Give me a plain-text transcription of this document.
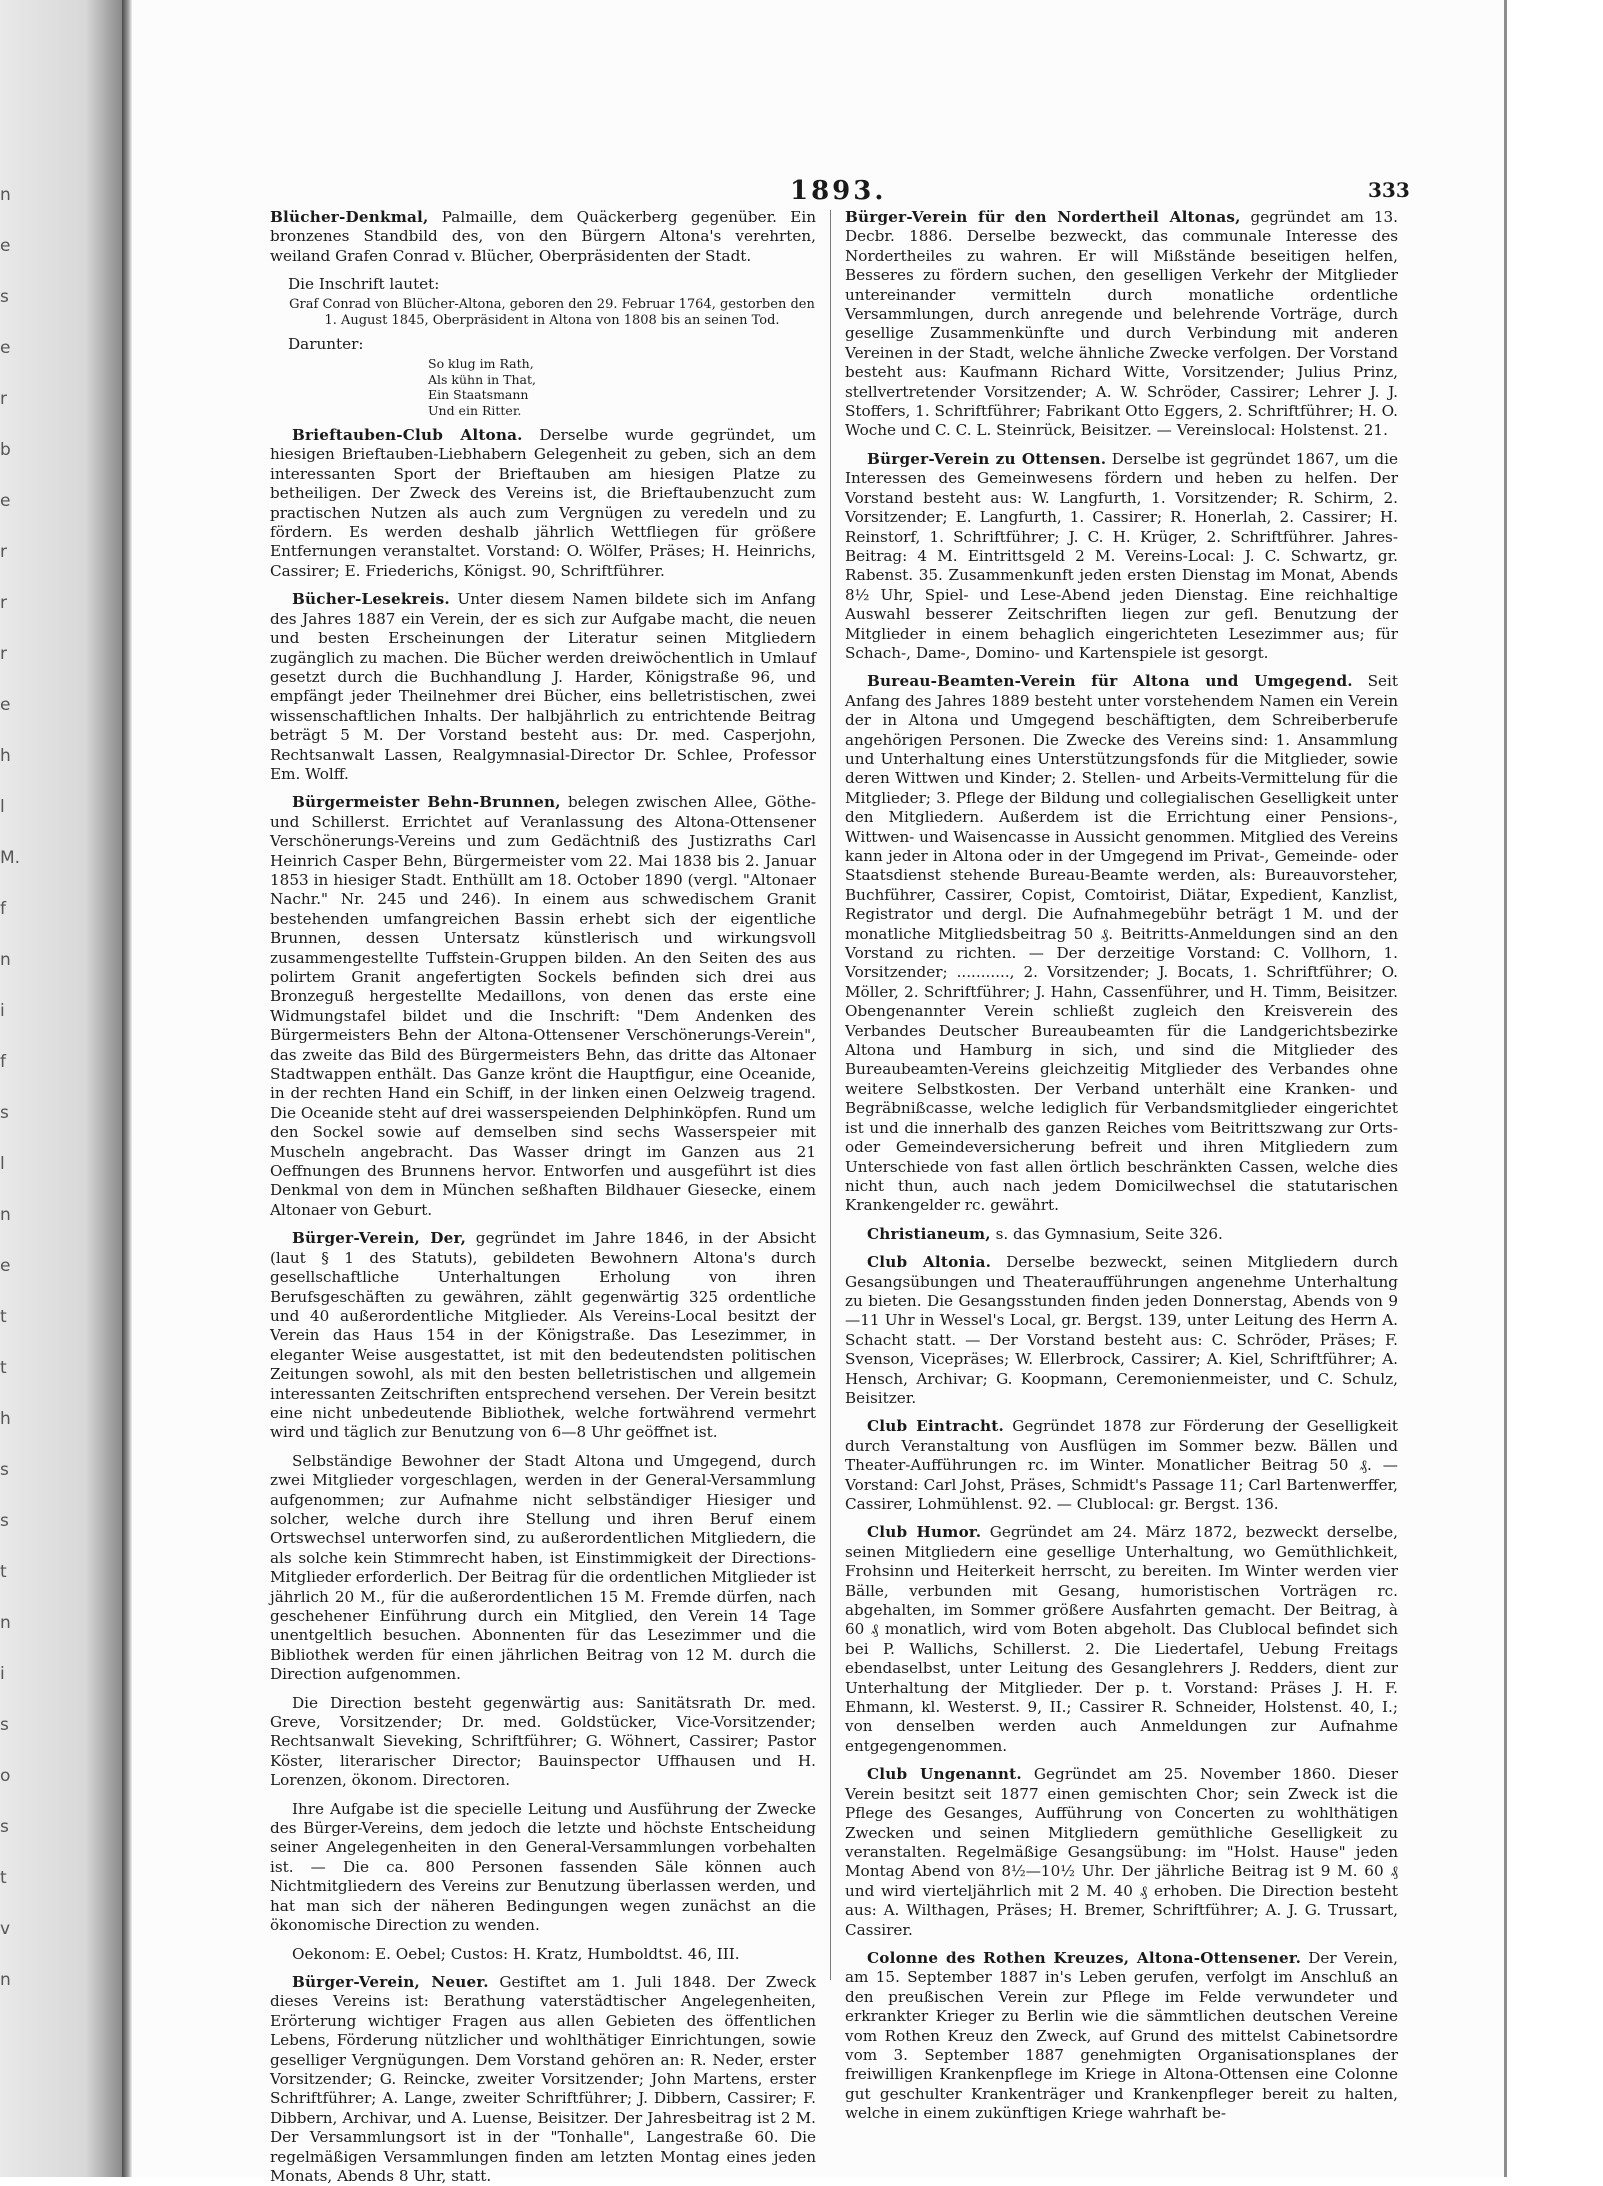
n
e
s
e
r
b
e
r
r
r
e
h
l
M.
f
n
i
f
s
l
n
e
t
t
h
s
s
t
n
i
s
o
s
t
v
n
1893.	333

Blücher-Denkmal, Palmaille, dem Quäckerberg gegenüber. Ein bronzenes Standbild des, von den Bürgern Altona's verehrten, weiland Grafen Conrad v. Blücher, Oberpräsidenten der Stadt.

Die Inschrift lautet:
Graf Conrad von Blücher-Altona, geboren den 29. Februar 1764, gestorben den 1. August 1845, Oberpräsident in Altona von 1808 bis an seinen Tod.
Darunter:
So klug im Rath,
Als kühn in That,
Ein Staatsmann
Und ein Ritter.

Brieftauben-Club Altona. Derselbe wurde gegründet, um hiesigen Brieftauben-Liebhabern Gelegenheit zu geben, sich an dem interessanten Sport der Brieftauben am hiesigen Platze zu betheiligen. Der Zweck des Vereins ist, die Brieftaubenzucht zum practischen Nutzen als auch zum Vergnügen zu veredeln und zu fördern. Es werden deshalb jährlich Wettfliegen für größere Entfernungen veranstaltet. Vorstand: O. Wölfer, Präses; H. Heinrichs, Cassirer; E. Friederichs, Königst. 90, Schriftführer.

Bücher-Lesekreis. Unter diesem Namen bildete sich im Anfang des Jahres 1887 ein Verein, der es sich zur Aufgabe macht, die neuen und besten Erscheinungen der Literatur seinen Mitgliedern zugänglich zu machen. Die Bücher werden dreiwöchentlich in Umlauf gesetzt durch die Buchhandlung J. Harder, Königstraße 96, und empfängt jeder Theilnehmer drei Bücher, eins belletristischen, zwei wissenschaftlichen Inhalts. Der halbjährlich zu entrichtende Beitrag beträgt 5 M. Der Vorstand besteht aus: Dr. med. Casperjohn, Rechtsanwalt Lassen, Realgymnasial-Director Dr. Schlee, Professor Em. Wolff.

Bürgermeister Behn-Brunnen, belegen zwischen Allee, Göthe- und Schillerst. Errichtet auf Veranlassung des Altona-Ottensener Verschönerungs-Vereins und zum Gedächtniß des Justizraths Carl Heinrich Casper Behn, Bürgermeister vom 22. Mai 1838 bis 2. Januar 1853 in hiesiger Stadt. Enthüllt am 18. October 1890 (vergl. "Altonaer Nachr." Nr. 245 und 246). In einem aus schwedischem Granit bestehenden umfangreichen Bassin erhebt sich der eigentliche Brunnen, dessen Untersatz künstlerisch und wirkungsvoll zusammengestellte Tuffstein-Gruppen bilden. An den Seiten des aus polirtem Granit angefertigten Sockels befinden sich drei aus Bronzeguß hergestellte Medaillons, von denen das erste eine Widmungstafel bildet und die Inschrift: "Dem Andenken des Bürgermeisters Behn der Altona-Ottensener Verschönerungs-Verein", das zweite das Bild des Bürgermeisters Behn, das dritte das Altonaer Stadtwappen enthält. Das Ganze krönt die Hauptfigur, eine Oceanide, in der rechten Hand ein Schiff, in der linken einen Oelzweig tragend. Die Oceanide steht auf drei wasserspeienden Delphinköpfen. Rund um den Sockel sowie auf demselben sind sechs Wasserspeier mit Muscheln angebracht. Das Wasser dringt im Ganzen aus 21 Oeffnungen des Brunnens hervor. Entworfen und ausgeführt ist dies Denkmal von dem in München seßhaften Bildhauer Giesecke, einem Altonaer von Geburt.

Bürger-Verein, Der, gegründet im Jahre 1846, in der Absicht (laut § 1 des Statuts), gebildeten Bewohnern Altona's durch gesellschaftliche Unterhaltungen Erholung von ihren Berufsgeschäften zu gewähren, zählt gegenwärtig 325 ordentliche und 40 außerordentliche Mitglieder. Als Vereins-Local besitzt der Verein das Haus 154 in der Königstraße. Das Lesezimmer, in eleganter Weise ausgestattet, ist mit den bedeutendsten politischen Zeitungen sowohl, als mit den besten belletristischen und allgemein interessanten Zeitschriften entsprechend versehen. Der Verein besitzt eine nicht unbedeutende Bibliothek, welche fortwährend vermehrt wird und täglich zur Benutzung von 6—8 Uhr geöffnet ist.

Selbständige Bewohner der Stadt Altona und Umgegend, durch zwei Mitglieder vorgeschlagen, werden in der General-Versammlung aufgenommen; zur Aufnahme nicht selbständiger Hiesiger und solcher, welche durch ihre Stellung und ihren Beruf einem Ortswechsel unterworfen sind, zu außerordentlichen Mitgliedern, die als solche kein Stimmrecht haben, ist Einstimmigkeit der Directions-Mitglieder erforderlich. Der Beitrag für die ordentlichen Mitglieder ist jährlich 20 M., für die außerordentlichen 15 M. Fremde dürfen, nach geschehener Einführung durch ein Mitglied, den Verein 14 Tage unentgeltlich besuchen. Abonnenten für das Lesezimmer und die Bibliothek werden für einen jährlichen Beitrag von 12 M. durch die Direction aufgenommen.

Die Direction besteht gegenwärtig aus: Sanitätsrath Dr. med. Greve, Vorsitzender; Dr. med. Goldstücker, Vice-Vorsitzender; Rechtsanwalt Sieveking, Schriftführer; G. Wöhnert, Cassirer; Pastor Köster, literarischer Director; Bauinspector Uffhausen und H. Lorenzen, ökonom. Directoren.

Ihre Aufgabe ist die specielle Leitung und Ausführung der Zwecke des Bürger-Vereins, dem jedoch die letzte und höchste Entscheidung seiner Angelegenheiten in den General-Versammlungen vorbehalten ist. — Die ca. 800 Personen fassenden Säle können auch Nichtmitgliedern des Vereins zur Benutzung überlassen werden, und hat man sich der näheren Bedingungen wegen zunächst an die ökonomische Direction zu wenden.

Oekonom: E. Oebel; Custos: H. Kratz, Humboldtst. 46, III.

Bürger-Verein, Neuer. Gestiftet am 1. Juli 1848. Der Zweck dieses Vereins ist: Berathung vaterstädtischer Angelegenheiten, Erörterung wichtiger Fragen aus allen Gebieten des öffentlichen Lebens, Förderung nützlicher und wohlthätiger Einrichtungen, sowie geselliger Vergnügungen. Dem Vorstand gehören an: R. Neder, erster Vorsitzender; G. Reincke, zweiter Vorsitzender; John Martens, erster Schriftführer; A. Lange, zweiter Schriftführer; J. Dibbern, Cassirer; F. Dibbern, Archivar, und A. Luense, Beisitzer. Der Jahresbeitrag ist 2 M. Der Versammlungsort ist in der "Tonhalle", Langestraße 60. Die regelmäßigen Versammlungen finden am letzten Montag eines jeden Monats, Abends 8 Uhr, statt.

Bürger-Verein für den Nordertheil Altonas, gegründet am 13. Decbr. 1886. Derselbe bezweckt, das communale Interesse des Nordertheiles zu wahren. Er will Mißstände beseitigen helfen, Besseres zu fördern suchen, den geselligen Verkehr der Mitglieder untereinander vermitteln durch monatliche ordentliche Versammlungen, durch anregende und belehrende Vorträge, durch gesellige Zusammenkünfte und durch Verbindung mit anderen Vereinen in der Stadt, welche ähnliche Zwecke verfolgen. Der Vorstand besteht aus: Kaufmann Richard Witte, Vorsitzender; Julius Prinz, stellvertretender Vorsitzender; A. W. Schröder, Cassirer; Lehrer J. J. Stoffers, 1. Schriftführer; Fabrikant Otto Eggers, 2. Schriftführer; H. O. Woche und C. C. L. Steinrück, Beisitzer. — Vereinslocal: Holstenst. 21.

Bürger-Verein zu Ottensen. Derselbe ist gegründet 1867, um die Interessen des Gemeinwesens fördern und heben zu helfen. Der Vorstand besteht aus: W. Langfurth, 1. Vorsitzender; R. Schirm, 2. Vorsitzender; E. Langfurth, 1. Cassirer; R. Honerlah, 2. Cassirer; H. Reinstorf, 1. Schriftführer; J. C. H. Krüger, 2. Schriftführer. Jahres-Beitrag: 4 M. Eintrittsgeld 2 M. Vereins-Local: J. C. Schwartz, gr. Rabenst. 35. Zusammenkunft jeden ersten Dienstag im Monat, Abends 8½ Uhr, Spiel- und Lese-Abend jeden Dienstag. Eine reichhaltige Auswahl besserer Zeitschriften liegen zur gefl. Benutzung der Mitglieder in einem behaglich eingerichteten Lesezimmer aus; für Schach-, Dame-, Domino- und Kartenspiele ist gesorgt.

Bureau-Beamten-Verein für Altona und Umgegend. Seit Anfang des Jahres 1889 besteht unter vorstehendem Namen ein Verein der in Altona und Umgegend beschäftigten, dem Schreiberberufe angehörigen Personen. Die Zwecke des Vereins sind: 1. Ansammlung und Unterhaltung eines Unterstützungsfonds für die Mitglieder, sowie deren Wittwen und Kinder; 2. Stellen- und Arbeits-Vermittelung für die Mitglieder; 3. Pflege der Bildung und collegialischen Geselligkeit unter den Mitgliedern. Außerdem ist die Errichtung einer Pensions-, Wittwen- und Waisencasse in Aussicht genommen. Mitglied des Vereins kann jeder in Altona oder in der Umgegend im Privat-, Gemeinde- oder Staatsdienst stehende Bureau-Beamte werden, als: Bureauvorsteher, Buchführer, Cassirer, Copist, Comtoirist, Diätar, Expedient, Kanzlist, Registrator und dergl. Die Aufnahmegebühr beträgt 1 M. und der monatliche Mitgliedsbeitrag 50 ₰. Beitritts-Anmeldungen sind an den Vorstand zu richten. — Der derzeitige Vorstand: C. Vollhorn, 1. Vorsitzender; ..........., 2. Vorsitzender; J. Bocats, 1. Schriftführer; O. Möller, 2. Schriftführer; J. Hahn, Cassenführer, und H. Timm, Beisitzer. Obengenannter Verein schließt zugleich den Kreisverein des Verbandes Deutscher Bureaubeamten für die Landgerichtsbezirke Altona und Hamburg in sich, und sind die Mitglieder des Bureaubeamten-Vereins gleichzeitig Mitglieder des Verbandes ohne weitere Selbstkosten. Der Verband unterhält eine Kranken- und Begräbnißcasse, welche lediglich für Verbandsmitglieder eingerichtet ist und die innerhalb des ganzen Reiches vom Beitrittszwang zur Orts- oder Gemeindeversicherung befreit und ihren Mitgliedern zum Unterschiede von fast allen örtlich beschränkten Cassen, welche dies nicht thun, auch nach jedem Domicilwechsel die statutarischen Krankengelder rc. gewährt.

Christianeum, s. das Gymnasium, Seite 326.

Club Altonia. Derselbe bezweckt, seinen Mitgliedern durch Gesangsübungen und Theateraufführungen angenehme Unterhaltung zu bieten. Die Gesangsstunden finden jeden Donnerstag, Abends von 9—11 Uhr in Wessel's Local, gr. Bergst. 139, unter Leitung des Herrn A. Schacht statt. — Der Vorstand besteht aus: C. Schröder, Präses; F. Svenson, Vicepräses; W. Ellerbrock, Cassirer; A. Kiel, Schriftführer; A. Hensch, Archivar; G. Koopmann, Ceremonienmeister, und C. Schulz, Beisitzer.

Club Eintracht. Gegründet 1878 zur Förderung der Geselligkeit durch Veranstaltung von Ausflügen im Sommer bezw. Bällen und Theater-Aufführungen rc. im Winter. Monatlicher Beitrag 50 ₰. — Vorstand: Carl Johst, Präses, Schmidt's Passage 11; Carl Bartenwerffer, Cassirer, Lohmühlenst. 92. — Clublocal: gr. Bergst. 136.

Club Humor. Gegründet am 24. März 1872, bezweckt derselbe, seinen Mitgliedern eine gesellige Unterhaltung, wo Gemüthlichkeit, Frohsinn und Heiterkeit herrscht, zu bereiten. Im Winter werden vier Bälle, verbunden mit Gesang, humoristischen Vorträgen rc. abgehalten, im Sommer größere Ausfahrten gemacht. Der Beitrag, à 60 ₰ monatlich, wird vom Boten abgeholt. Das Clublocal befindet sich bei P. Wallichs, Schillerst. 2. Die Liedertafel, Uebung Freitags ebendaselbst, unter Leitung des Gesanglehrers J. Redders, dient zur Unterhaltung der Mitglieder. Der p. t. Vorstand: Präses J. H. F. Ehmann, kl. Westerst. 9, II.; Cassirer R. Schneider, Holstenst. 40, I.; von denselben werden auch Anmeldungen zur Aufnahme entgegengenommen.

Club Ungenannt. Gegründet am 25. November 1860. Dieser Verein besitzt seit 1877 einen gemischten Chor; sein Zweck ist die Pflege des Gesanges, Aufführung von Concerten zu wohlthätigen Zwecken und seinen Mitgliedern gemüthliche Geselligkeit zu veranstalten. Regelmäßige Gesangsübung: im "Holst. Hause" jeden Montag Abend von 8½—10½ Uhr. Der jährliche Beitrag ist 9 M. 60 ₰ und wird vierteljährlich mit 2 M. 40 ₰ erhoben. Die Direction besteht aus: A. Wilthagen, Präses; H. Bremer, Schriftführer; A. J. G. Trussart, Cassirer.

Colonne des Rothen Kreuzes, Altona-Ottensener. Der Verein, am 15. September 1887 in's Leben gerufen, verfolgt im Anschluß an den preußischen Verein zur Pflege im Felde verwundeter und erkrankter Krieger zu Berlin wie die sämmtlichen deutschen Vereine vom Rothen Kreuz den Zweck, auf Grund des mittelst Cabinetsordre vom 3. September 1887 genehmigten Organisationsplanes der freiwilligen Krankenpflege im Kriege in Altona-Ottensen eine Colonne gut geschulter Krankenträger und Krankenpfleger bereit zu halten, welche in einem zukünftigen Kriege wahrhaft be-
